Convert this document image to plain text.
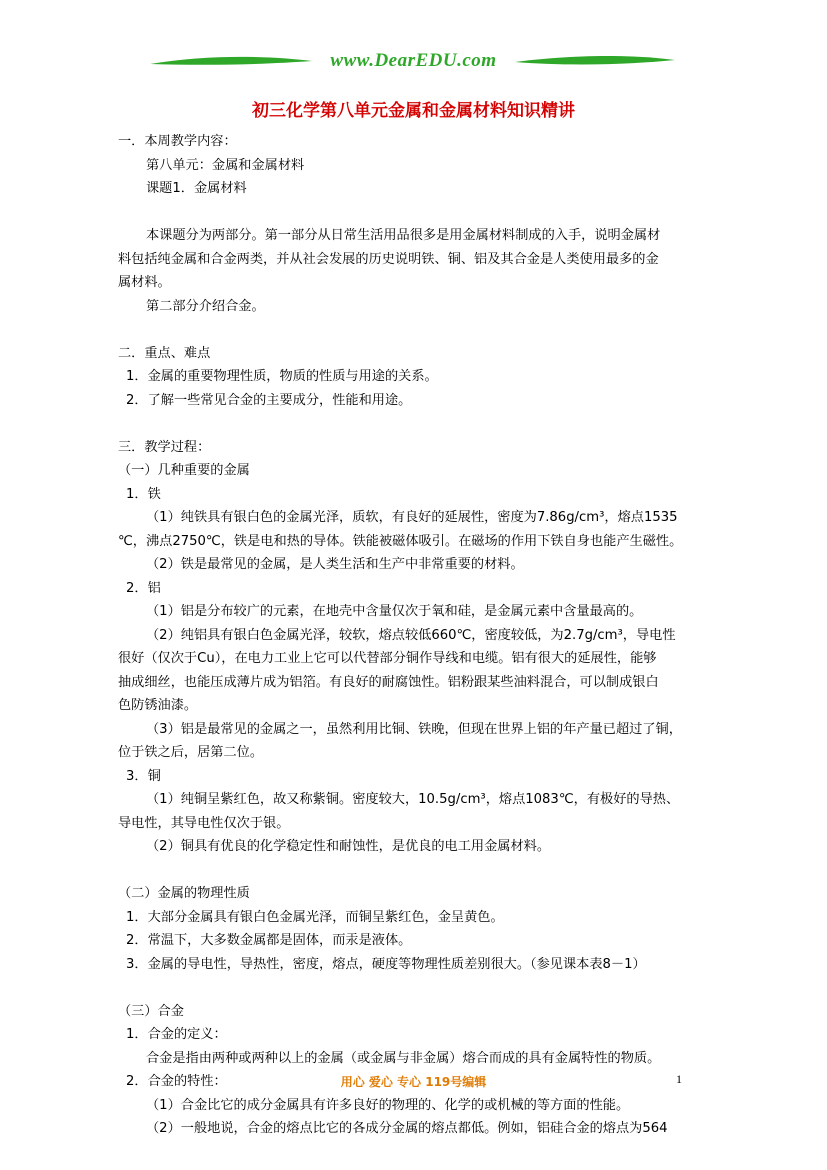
www.DearEDU.com
初三化学第八单元金属和金属材料知识精讲
一．本周教学内容：
第八单元：金属和金属材料
课题1．金属材料
本课题分为两部分。第一部分从日常生活用品很多是用金属材料制成的入手，说明金属材
料包括纯金属和合金两类，并从社会发展的历史说明铁、铜、铝及其合金是人类使用最多的金
属材料。
第二部分介绍合金。
二．重点、难点
1．金属的重要物理性质，物质的性质与用途的关系。
2．了解一些常见合金的主要成分，性能和用途。
三．教学过程：
（一）几种重要的金属
1．铁
（1）纯铁具有银白色的金属光泽，质软，有良好的延展性，密度为7.86g/cm³，熔点1535
℃，沸点2750℃，铁是电和热的导体。铁能被磁体吸引。在磁场的作用下铁自身也能产生磁性。
（2）铁是最常见的金属，是人类生活和生产中非常重要的材料。
2．铝
（1）铝是分布较广的元素，在地壳中含量仅次于氧和硅，是金属元素中含量最高的。
（2）纯铝具有银白色金属光泽，较软，熔点较低660℃，密度较低，为2.7g/cm³，导电性
很好（仅次于Cu），在电力工业上它可以代替部分铜作导线和电缆。铝有很大的延展性，能够
抽成细丝，也能压成薄片成为铝箔。有良好的耐腐蚀性。铝粉跟某些油料混合，可以制成银白
色防锈油漆。
（3）铝是最常见的金属之一，虽然利用比铜、铁晚，但现在世界上铝的年产量已超过了铜，
位于铁之后，居第二位。
3．铜
（1）纯铜呈紫红色，故又称紫铜。密度较大，10.5g/cm³，熔点1083℃，有极好的导热、
导电性，其导电性仅次于银。
（2）铜具有优良的化学稳定性和耐蚀性，是优良的电工用金属材料。
（二）金属的物理性质
1．大部分金属具有银白色金属光泽，而铜呈紫红色，金呈黄色。
2．常温下，大多数金属都是固体，而汞是液体。
3．金属的导电性，导热性，密度，熔点，硬度等物理性质差别很大。（参见课本表8－1）
（三）合金
1．合金的定义：
合金是指由两种或两种以上的金属（或金属与非金属）熔合而成的具有金属特性的物质。
2．合金的特性：
（1）合金比它的成分金属具有许多良好的物理的、化学的或机械的等方面的性能。
（2）一般地说，合金的熔点比它的各成分金属的熔点都低。例如，铝硅合金的熔点为564
用心 爱心 专心 119号编辑	1
